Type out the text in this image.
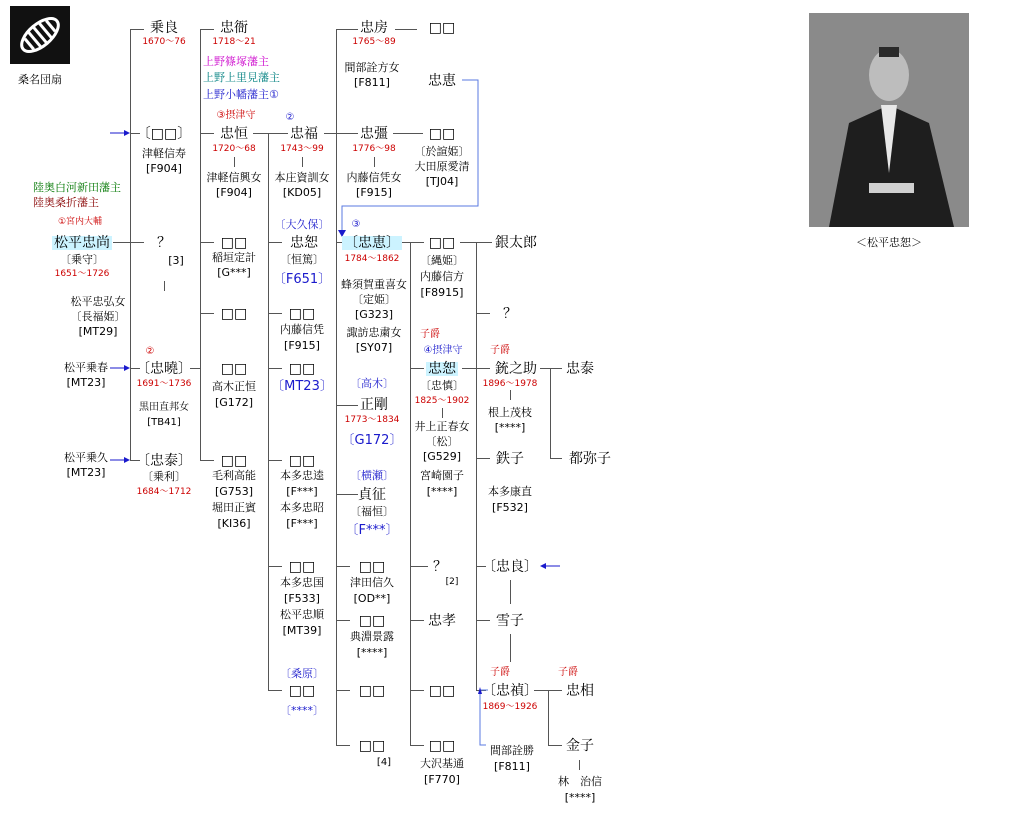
桑名団扇
＜松平忠恕＞
上野篠塚藩主
上野上里見藩主
上野小幡藩主①
陸奥白河新田藩主
陸奥桑折藩主
①宮内大輔
②
③摂津守	②
③
子爵
④摂津守	子爵
子爵	子爵
乗良
1670～76
忠衙
1718～21
忠房
1765～89
間部詮方女
[F811]
□□
忠恵
〔□□〕
津軽信寿
[F904]
忠恒
1720～68
津軽信興女
[F904]
忠福
1743～99
本庄資訓女
[KD05]
忠彊
1776～98
内藤信凭女
[F915]
□□
〔於諠姫〕
大田原愛清
[TJ04]
松平忠尚
〔乗守〕
1651～1726
松平忠弘女
〔長福姫〕
[MT29]
？
[3]
□□
稲垣定計
[G***]
〔大久保〕
忠恕
〔恒篤〕
〔F651〕
〔忠恵〕
1784～1862
蜂須賀重喜女
〔定姫〕
[G323]
諏訪忠粛女
[SY07]
□□
〔縄姫〕
内藤信方
[F8915]
銀太郎
？
□□	□□
内藤信凭
[F915]
松平乗春
[MT23]
〔忠曉〕
1691～1736
黒田直邦女
[TB41]
□□
高木正恒
[G172]
□□
〔MT23〕 〔高木〕
正剛
1773～1834
〔G172〕
忠恕
〔忠慎〕
1825～1902
井上正春女
〔松〕
[G529]
宮崎園子
[****]
銃之助
1896～1978
根上茂枝
[****]
忠泰
都弥子
松平乗久
[MT23]
〔忠泰〕
〔乗利〕
1684～1712
□□
毛利高能
[G753]
堀田正賓
[KI36]
□□
本多忠逵
[F***]
本多忠昭
[F***]
〔横瀬〕
貞征
〔福恒〕
〔F***〕
鉄子
本多康直
[F532]
□□
本多忠国
[F533]
松平忠順
[MT39]
□□
津田信久
[OD**]
？
[2]
〔忠良〕
□□
典淵景露
[****]
忠孝	雪子
〔桑原〕
□□
〔****〕
□□	□□ 〔忠禎〕
1869～1926
間部詮勝
[F811]
忠相
□□
[4]
□□
大沢基通
[F770]
金子
林　治信
[****]
